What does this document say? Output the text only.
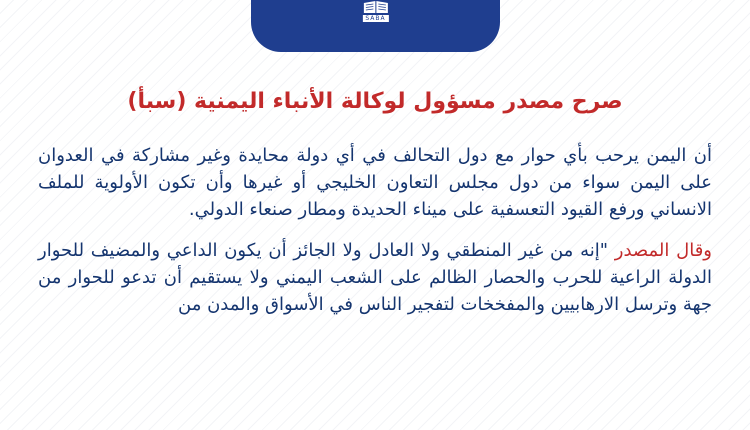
SABA
صرح مصدر مسؤول لوكالة الأنباء اليمنية (سبأ)

أن اليمن يرحب بأي حوار مع دول التحالف في أي دولة محايدة وغير مشاركة في العدوان على اليمن سواء من دول مجلس التعاون الخليجي أو غيرها وأن تكون الأولوية للملف الانساني ورفع القيود التعسفية على ميناء الحديدة ومطار صنعاء الدولي.

وقال المصدر "إنه من غير المنطقي ولا العادل ولا الجائز أن يكون الداعي والمضيف للحوار الدولة الراعية للحرب والحصار الظالم على الشعب اليمني ولا يستقيم أن تدعو للحوار من جهة وترسل الارهابيين والمفخخات لتفجير الناس في الأسواق والمدن من
